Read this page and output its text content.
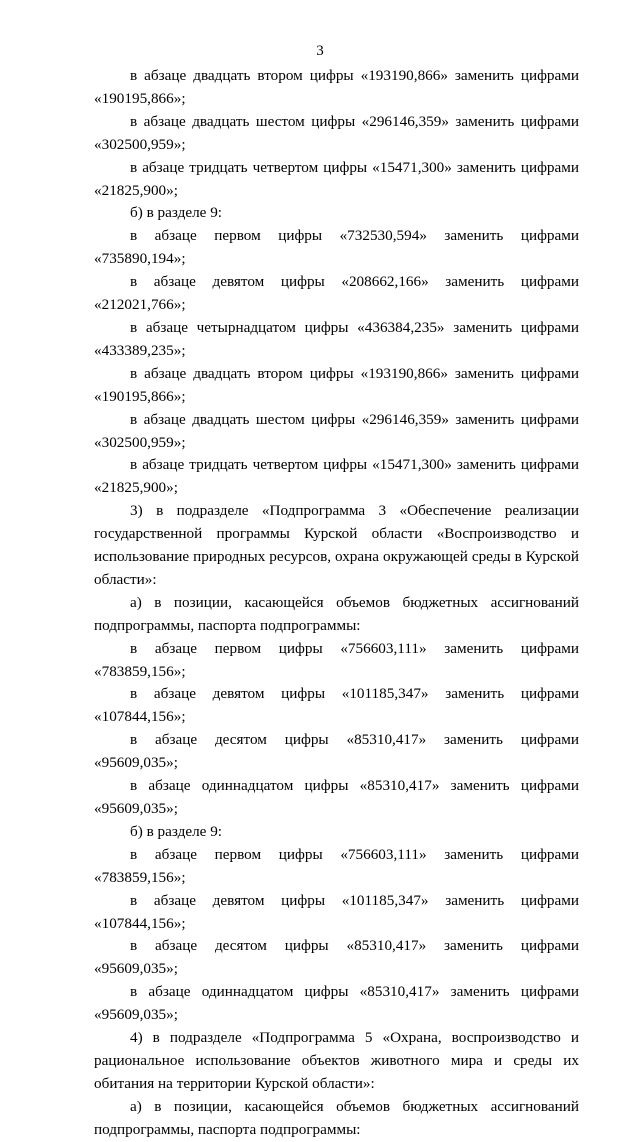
3

в абзаце двадцать втором цифры «193190,866» заменить цифрами «190195,866»;

в абзаце двадцать шестом цифры «296146,359» заменить цифрами «302500,959»;

в абзаце тридцать четвертом цифры «15471,300» заменить цифрами «21825,900»;

б) в разделе 9:

в абзаце первом цифры «732530,594» заменить цифрами «735890,194»;

в абзаце девятом цифры «208662,166» заменить цифрами «212021,766»;

в абзаце четырнадцатом цифры «436384,235» заменить цифрами «433389,235»;

в абзаце двадцать втором цифры «193190,866» заменить цифрами «190195,866»;

в абзаце двадцать шестом цифры «296146,359» заменить цифрами «302500,959»;

в абзаце тридцать четвертом цифры «15471,300» заменить цифрами «21825,900»;

3) в подразделе «Подпрограмма 3 «Обеспечение реализации государственной программы Курской области «Воспроизводство и использование природных ресурсов, охрана окружающей среды в Курской области»:

а) в позиции, касающейся объемов бюджетных ассигнований подпрограммы, паспорта подпрограммы:

в абзаце первом цифры «756603,111» заменить цифрами «783859,156»;

в абзаце девятом цифры «101185,347» заменить цифрами «107844,156»;

в абзаце десятом цифры «85310,417» заменить цифрами «95609,035»;

в абзаце одиннадцатом цифры «85310,417» заменить цифрами «95609,035»;

б) в разделе 9:

в абзаце первом цифры «756603,111» заменить цифрами «783859,156»;

в абзаце девятом цифры «101185,347» заменить цифрами «107844,156»;

в абзаце десятом цифры «85310,417» заменить цифрами «95609,035»;

в абзаце одиннадцатом цифры «85310,417» заменить цифрами «95609,035»;

4) в подразделе «Подпрограмма 5 «Охрана, воспроизводство и рациональное использование объектов животного мира и среды их обитания на территории Курской области»:

а) в позиции, касающейся объемов бюджетных ассигнований подпрограммы, паспорта подпрограммы:
